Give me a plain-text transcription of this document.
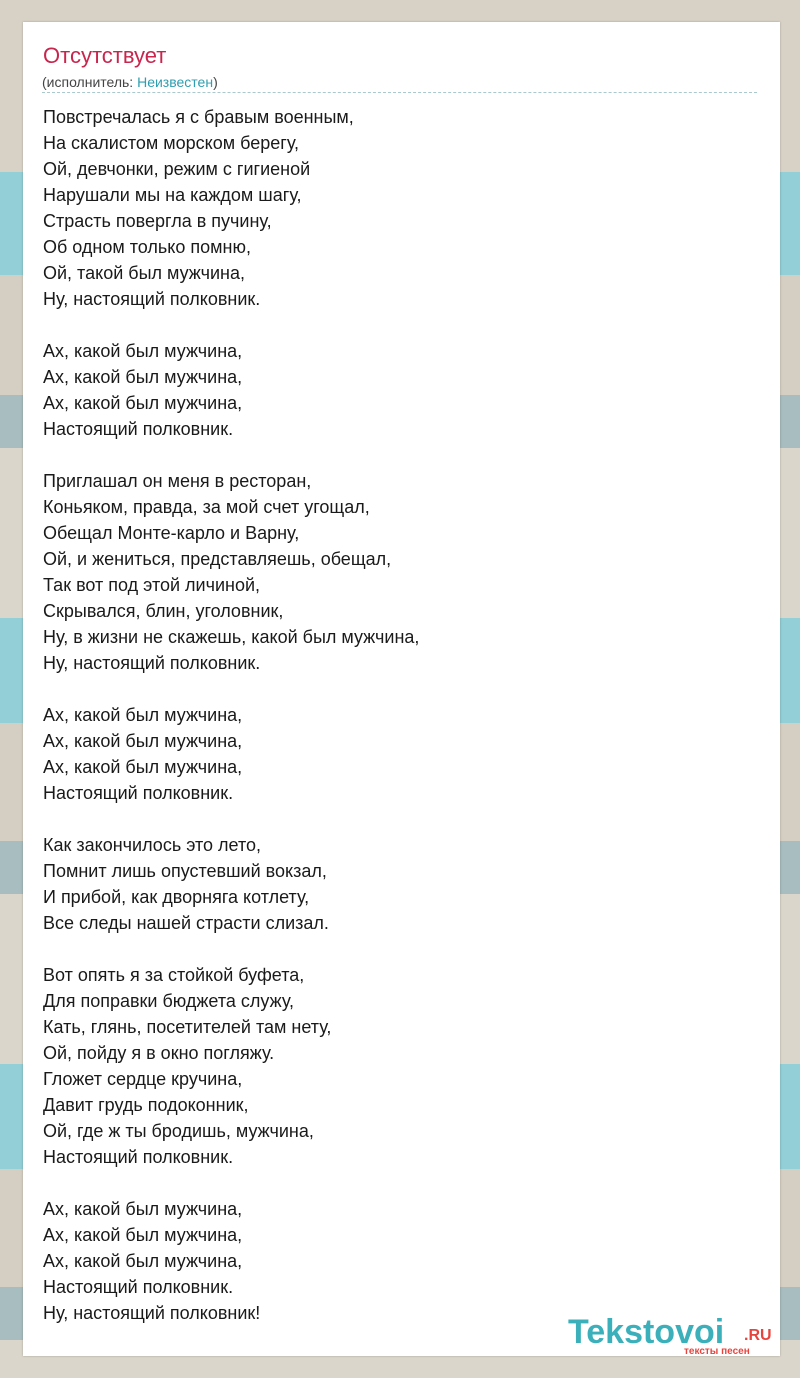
Отсутствует
(исполнитель: Неизвестен)
Повстречалась я с бравым военным,
На скалистом морском берегу,
Ой, девчонки, режим с гигиеной
Нарушали мы на каждом шагу,
Страсть повергла в пучину,
Об одном только помню,
Ой, такой был мужчина,
Ну, настоящий полковник.
Ах, какой был мужчина,
Ах, какой был мужчина,
Ах, какой был мужчина,
Настоящий полковник.
Приглашал он меня в ресторан,
Коньяком, правда, за мой счет угощал,
Обещал Монте-карло и Варну,
Ой, и жениться, представляешь, обещал,
Так вот под этой личиной,
Скрывался, блин, уголовник,
Ну, в жизни не скажешь, какой был мужчина,
Ну, настоящий полковник.
Ах, какой был мужчина,
Ах, какой был мужчина,
Ах, какой был мужчина,
Настоящий полковник.
Как закончилось это лето,
Помнит лишь опустевший вокзал,
И прибой, как дворняга котлету,
Все следы нашей страсти слизал.
Вот опять я за стойкой буфета,
Для поправки бюджета служу,
Кать, глянь, посетителей там нету,
Ой, пойду я в окно погляжу.
Гложет сердце кручина,
Давит грудь подоконник,
Ой, где ж ты бродишь, мужчина,
Настоящий полковник.
Ах, какой был мужчина,
Ах, какой был мужчина,
Ах, какой был мужчина,
Настоящий полковник.
Ну, настоящий полковник!	Tekstovoi .RU
тексты песен
